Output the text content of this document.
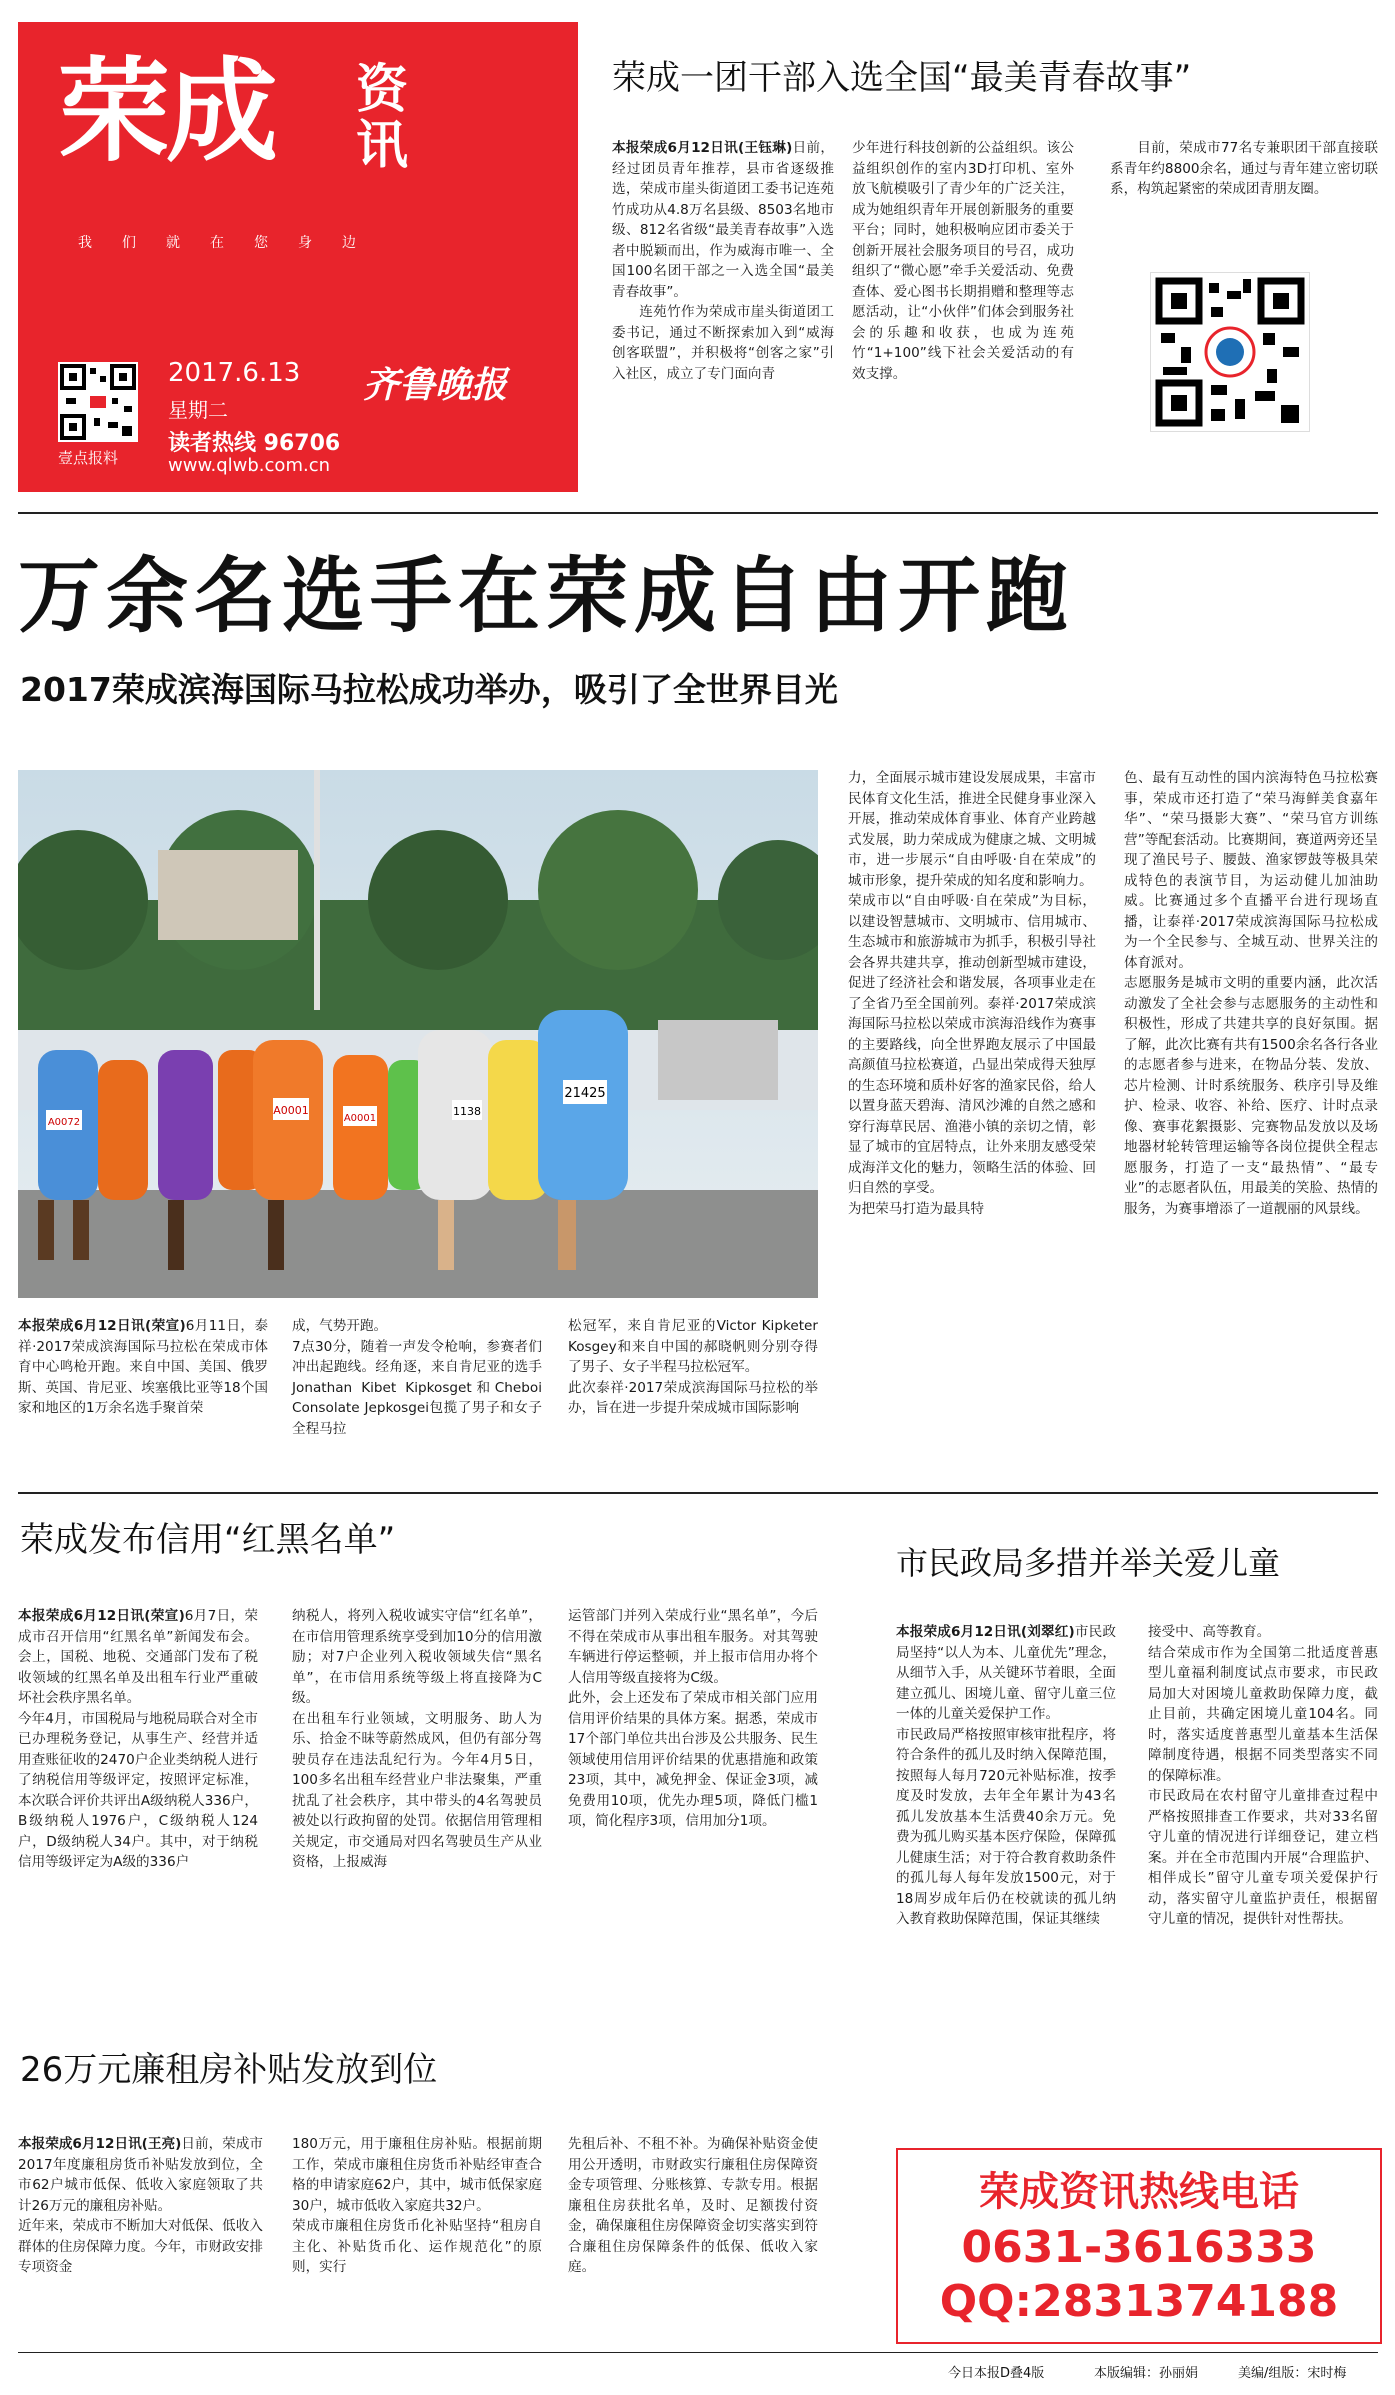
荣成 资讯
我们就在您身边
壹点报料
2017.6.13
星期二
齐鲁晚报
读者热线 96706
www.qlwb.com.cn
荣成一团干部入选全国“最美青春故事”

本报荣成6月12日讯(王钰琳)日前，经过团员青年推荐，县市省逐级推选，荣成市崖头街道团工委书记连苑竹成功从4.8万名县级、8503名地市级、812名省级“最美青春故事”入选者中脱颖而出，作为威海市唯一、全国100名团干部之一入选全国“最美青春故事”。

连苑竹作为荣成市崖头街道团工委书记，通过不断探索加入到“威海创客联盟”，并积极将“创客之家”引入社区，成立了专门面向青

少年进行科技创新的公益组织。该公益组织创作的室内3D打印机、室外放飞航模吸引了青少年的广泛关注，成为她组织青年开展创新服务的重要平台；同时，她积极响应团市委关于创新开展社会服务项目的号召，成功组织了“微心愿”牵手关爱活动、免费查体、爱心图书长期捐赠和整理等志愿活动，让“小伙伴”们体会到服务社会的乐趣和收获，也成为连苑竹“1+100”线下社会关爱活动的有效支撑。
目前，荣成市77名专兼职团干部直接联系青年约8800余名，通过与青年建立密切联系，构筑起紧密的荣成团青朋友圈。
万余名选手在荣成自由开跑
2017荣成滨海国际马拉松成功举办，吸引了全世界目光
A0001
21425
1138
A0072	A0001

本报荣成6月12日讯(荣宣)6月11日，泰祥·2017荣成滨海国际马拉松在荣成市体育中心鸣枪开跑。来自中国、美国、俄罗斯、英国、肯尼亚、埃塞俄比亚等18个国家和地区的1万余名选手聚首荣

成，气势开跑。
7点30分，随着一声发令枪响，参赛者们冲出起跑线。经角逐，来自肯尼亚的选手Jonathan Kibet Kipkosget和Cheboi Consolate Jepkosgei包揽了男子和女子全程马拉
松冠军，来自肯尼亚的Victor Kipketer Kosgey和来自中国的郝晓帆则分别夺得了男子、女子半程马拉松冠军。
此次泰祥·2017荣成滨海国际马拉松的举办，旨在进一步提升荣成城市国际影响
力，全面展示城市建设发展成果，丰富市民体育文化生活，推进全民健身事业深入开展，推动荣成体育事业、体育产业跨越式发展，助力荣成成为健康之城、文明城市，进一步展示“自由呼吸·自在荣成”的城市形象，提升荣成的知名度和影响力。
荣成市以“自由呼吸·自在荣成”为目标，以建设智慧城市、文明城市、信用城市、生态城市和旅游城市为抓手，积极引导社会各界共建共享，推动创新型城市建设，促进了经济社会和谐发展，各项事业走在了全省乃至全国前列。泰祥·2017荣成滨海国际马拉松以荣成市滨海沿线作为赛事的主要路线，向全世界跑友展示了中国最高颜值马拉松赛道，凸显出荣成得天独厚的生态环境和质朴好客的渔家民俗，给人以置身蓝天碧海、清风沙滩的自然之感和穿行海草民居、渔港小镇的亲切之情，彰显了城市的宜居特点，让外来朋友感受荣成海洋文化的魅力，领略生活的体验、回归自然的享受。
为把荣马打造为最具特
色、最有互动性的国内滨海特色马拉松赛事，荣成市还打造了“荣马海鲜美食嘉年华”、“荣马摄影大赛”、“荣马官方训练营”等配套活动。比赛期间，赛道两旁还呈现了渔民号子、腰鼓、渔家锣鼓等极具荣成特色的表演节目，为运动健儿加油助威。比赛通过多个直播平台进行现场直播，让泰祥·2017荣成滨海国际马拉松成为一个全民参与、全城互动、世界关注的体育派对。
志愿服务是城市文明的重要内涵，此次活动激发了全社会参与志愿服务的主动性和积极性，形成了共建共享的良好氛围。据了解，此次比赛有共有1500余名各行各业的志愿者参与进来，在物品分装、发放、芯片检测、计时系统服务、秩序引导及维护、检录、收容、补给、医疗、计时点录像、赛事花絮摄影、完赛物品发放以及场地器材轮转管理运输等各岗位提供全程志愿服务，打造了一支“最热情”、“最专业”的志愿者队伍，用最美的笑脸、热情的服务，为赛事增添了一道靓丽的风景线。
荣成发布信用“红黑名单”

本报荣成6月12日讯(荣宣)6月7日，荣成市召开信用“红黑名单”新闻发布会。会上，国税、地税、交通部门发布了税收领域的红黑名单及出租车行业严重破坏社会秩序黑名单。
今年4月，市国税局与地税局联合对全市已办理税务登记，从事生产、经营并适用查账征收的2470户企业类纳税人进行了纳税信用等级评定，按照评定标准，本次联合评价共评出A级纳税人336户，B级纳税人1976户，C级纳税人124户，D级纳税人34户。其中，对于纳税信用等级评定为A级的336户

纳税人，将列入税收诚实守信“红名单”，在市信用管理系统享受到加10分的信用激励；对7户企业列入税收领域失信“黑名单”，在市信用系统等级上将直接降为C级。
在出租车行业领域，文明服务、助人为乐、拾金不昧等蔚然成风，但仍有部分驾驶员存在违法乱纪行为。今年4月5日，100多名出租车经营业户非法聚集，严重扰乱了社会秩序，其中带头的4名驾驶员被处以行政拘留的处罚。依据信用管理相关规定，市交通局对四名驾驶员生产从业资格，上报威海
运管部门并列入荣成行业“黑名单”，今后不得在荣成市从事出租车服务。对其驾驶车辆进行停运整顿，并上报市信用办将个人信用等级直接将为C级。
此外，会上还发布了荣成市相关部门应用信用评价结果的具体方案。据悉，荣成市17个部门单位共出台涉及公共服务、民生领域使用信用评价结果的优惠措施和政策23项，其中，减免押金、保证金3项，减免费用10项，优先办理5项，降低门槛1项，简化程序3项，信用加分1项。
市民政局多措并举关爱儿童

本报荣成6月12日讯(刘翠红)市民政局坚持“以人为本、儿童优先”理念，从细节入手，从关键环节着眼，全面建立孤儿、困境儿童、留守儿童三位一体的儿童关爱保护工作。
市民政局严格按照审核审批程序，将符合条件的孤儿及时纳入保障范围，按照每人每月720元补贴标准，按季度及时发放，去年全年累计为43名孤儿发放基本生活费40余万元。免费为孤儿购买基本医疗保险，保障孤儿健康生活；对于符合教育救助条件的孤儿每人每年发放1500元，对于18周岁成年后仍在校就读的孤儿纳入教育救助保障范围，保证其继续

接受中、高等教育。
结合荣成市作为全国第二批适度普惠型儿童福利制度试点市要求，市民政局加大对困境儿童救助保障力度，截止目前，共确定困境儿童104名。同时，落实适度普惠型儿童基本生活保障制度待遇，根据不同类型落实不同的保障标准。
市民政局在农村留守儿童排查过程中严格按照排查工作要求，共对33名留守儿童的情况进行详细登记，建立档案。并在全市范围内开展“合理监护、相伴成长”留守儿童专项关爱保护行动，落实留守儿童监护责任，根据留守儿童的情况，提供针对性帮扶。
26万元廉租房补贴发放到位

本报荣成6月12日讯(王亮)日前，荣成市2017年度廉租房货币补贴发放到位，全市62户城市低保、低收入家庭领取了共计26万元的廉租房补贴。
近年来，荣成市不断加大对低保、低收入群体的住房保障力度。今年，市财政安排专项资金

180万元，用于廉租住房补贴。根据前期工作，荣成市廉租住房货币补贴经审查合格的申请家庭62户，其中，城市低保家庭30户，城市低收入家庭共32户。
荣成市廉租住房货币化补贴坚持“租房自主化、补贴货币化、运作规范化”的原则，实行
先租后补、不租不补。为确保补贴资金使用公开透明，市财政实行廉租住房保障资金专项管理、分账核算、专款专用。根据廉租住房获批名单，及时、足额拨付资金，确保廉租住房保障资金切实落实到符合廉租住房保障条件的低保、低收入家庭。
荣成资讯热线电话
0631-3616333
QQ:2831374188
今日本报D叠4版	本版编辑：孙丽娟	美编/组版：宋时梅
